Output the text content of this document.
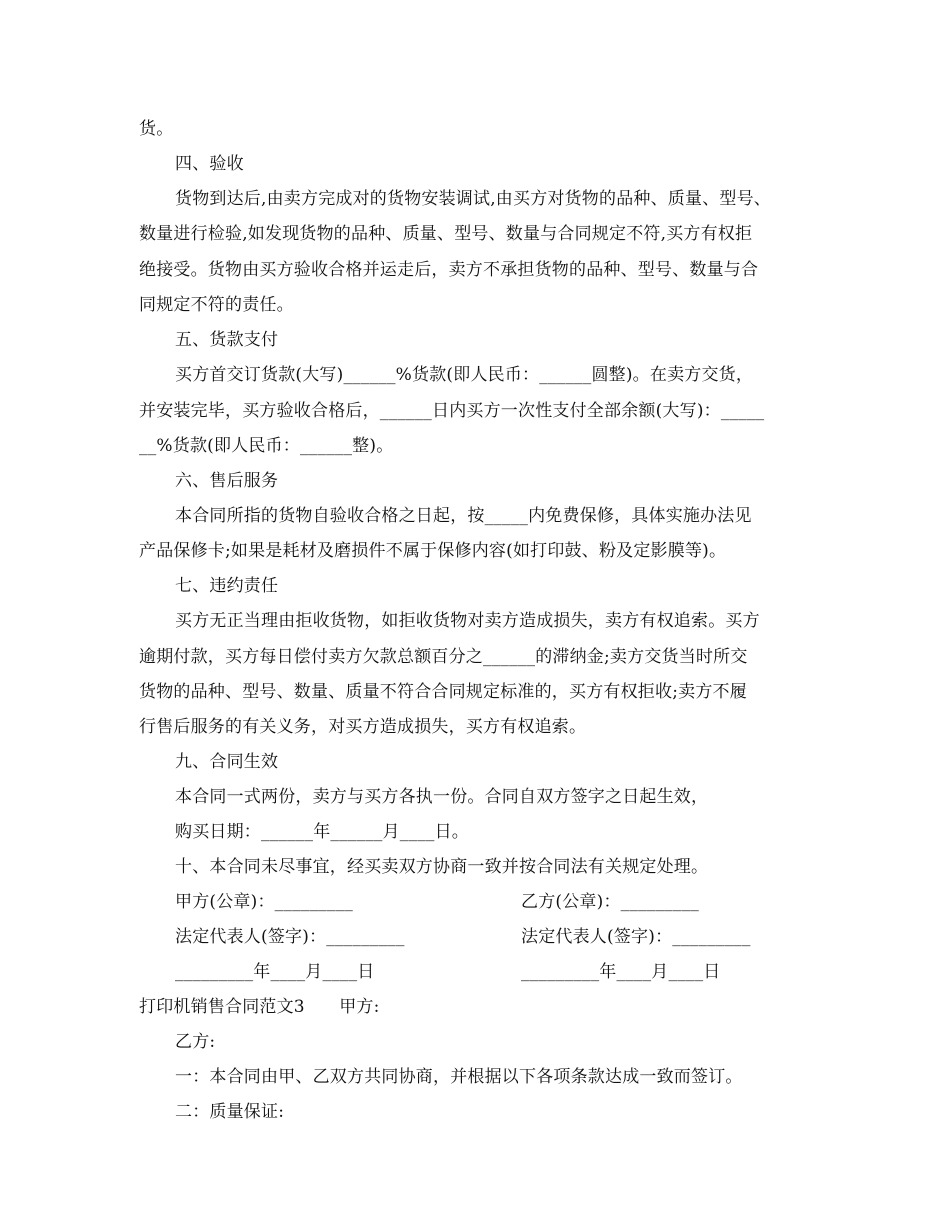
货。
四、验收
货物到达后,由卖方完成对的货物安装调试,由买方对货物的品种、质量、型号、
数量进行检验,如发现货物的品种、质量、型号、数量与合同规定不符,买方有权拒
绝接受。货物由买方验收合格并运走后，卖方不承担货物的品种、型号、数量与合
同规定不符的责任。
五、货款支付
买方首交订货款(大写)______%货款(即人民币：______圆整)。在卖方交货，
并安装完毕，买方验收合格后，______日内买方一次性支付全部余额(大写)：_____
__%货款(即人民币：______整)。
六、售后服务
本合同所指的货物自验收合格之日起，按_____内免费保修，具体实施办法见
产品保修卡;如果是耗材及磨损件不属于保修内容(如打印鼓、粉及定影膜等)。
七、违约责任
买方无正当理由拒收货物，如拒收货物对卖方造成损失，卖方有权追索。买方
逾期付款，买方每日偿付卖方欠款总额百分之______的滞纳金;卖方交货当时所交
货物的品种、型号、数量、质量不符合合同规定标准的，买方有权拒收;卖方不履
行售后服务的有关义务，对买方造成损失，买方有权追索。
九、合同生效
本合同一式两份，卖方与买方各执一份。合同自双方签字之日起生效，
购买日期：______年______月____日。
十、本合同未尽事宜，经买卖双方协商一致并按合同法有关规定处理。
甲方(公章)：_________	乙方(公章)：_________
法定代表人(签字)：_________	法定代表人(签字)：_________
_________年____月____日	_________年____月____日
打印机销售合同范文3　　甲方:
乙方:
一：本合同由甲、乙双方共同协商，并根据以下各项条款达成一致而签订。
二：质量保证:
